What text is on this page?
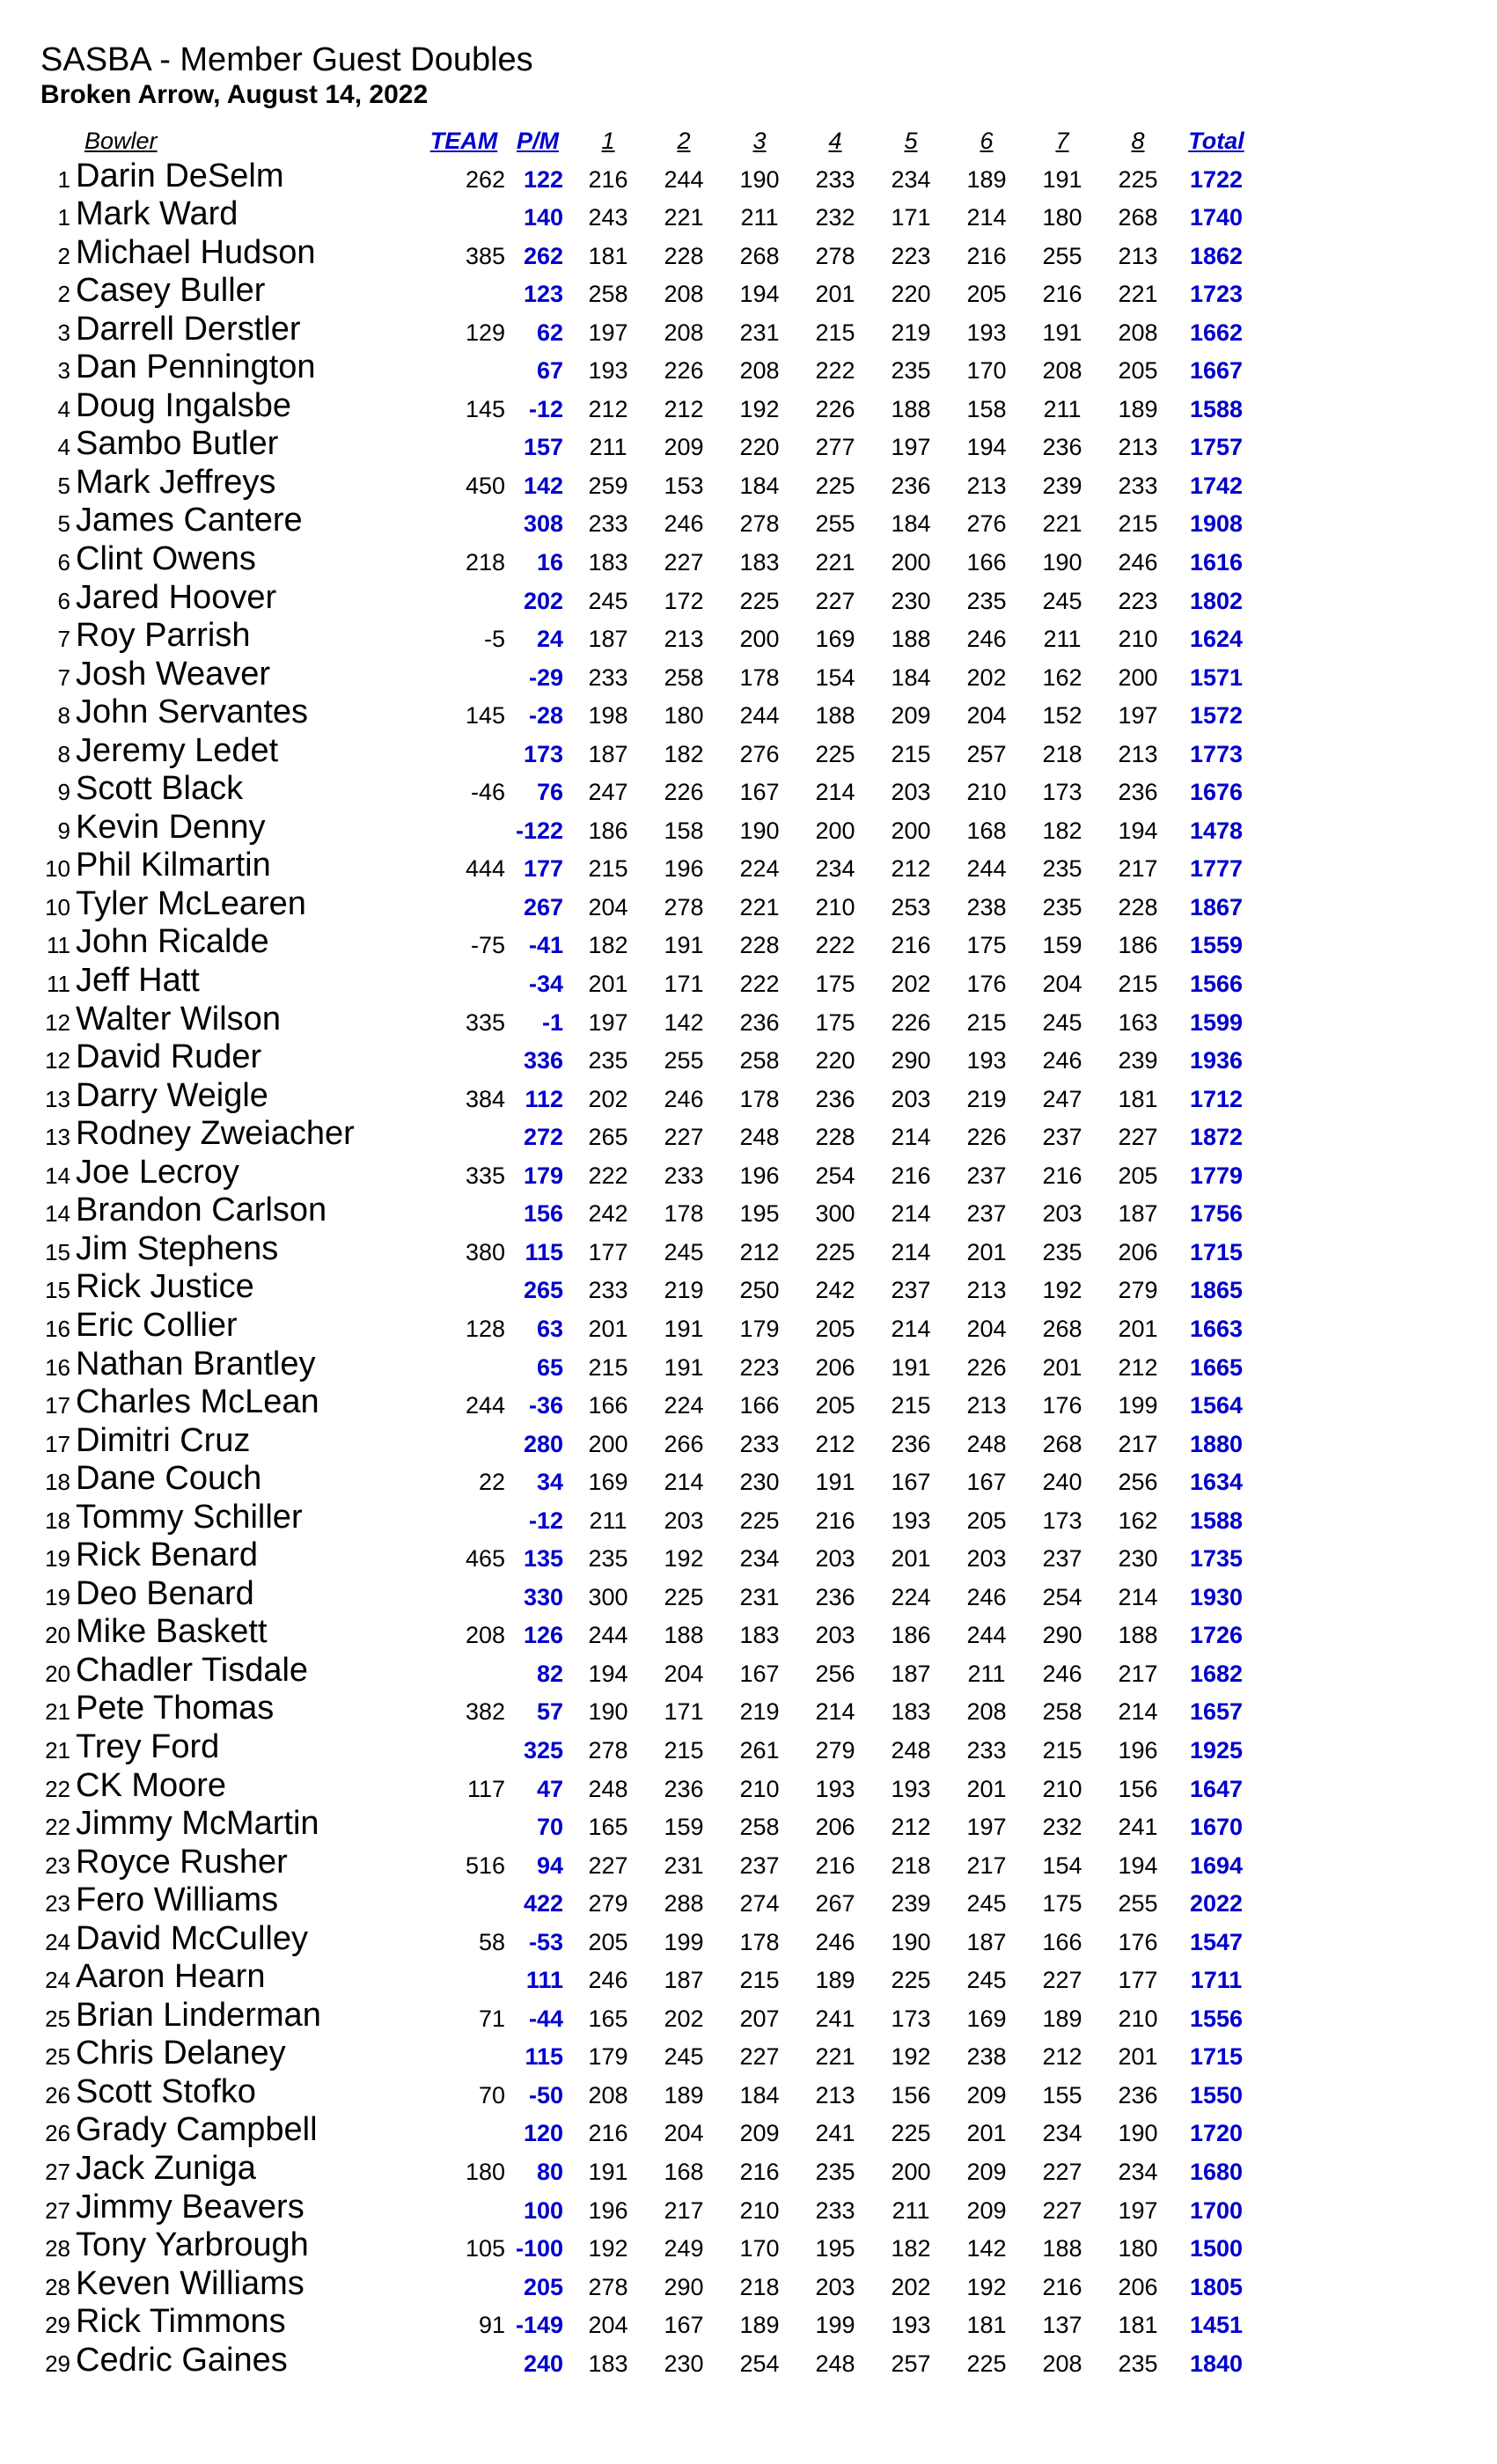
SASBA - Member Guest Doubles
Broken Arrow, August 14, 2022
Bowler		TEAM	P/M	1	2	3	4	5	6	7	8	Total
1	Darin DeSelm	262	122	216	244	190	233	234	189	191	225	1722
1	Mark Ward		140	243	221	211	232	171	214	180	268	1740
2	Michael Hudson	385	262	181	228	268	278	223	216	255	213	1862
2	Casey Buller		123	258	208	194	201	220	205	216	221	1723
3	Darrell Derstler	129	62	197	208	231	215	219	193	191	208	1662
3	Dan Pennington		67	193	226	208	222	235	170	208	205	1667
4	Doug Ingalsbe	145	-12	212	212	192	226	188	158	211	189	1588
4	Sambo Butler		157	211	209	220	277	197	194	236	213	1757
5	Mark Jeffreys	450	142	259	153	184	225	236	213	239	233	1742
5	James Cantere		308	233	246	278	255	184	276	221	215	1908
6	Clint Owens	218	16	183	227	183	221	200	166	190	246	1616
6	Jared Hoover		202	245	172	225	227	230	235	245	223	1802
7	Roy Parrish	-5	24	187	213	200	169	188	246	211	210	1624
7	Josh Weaver		-29	233	258	178	154	184	202	162	200	1571
8	John Servantes	145	-28	198	180	244	188	209	204	152	197	1572
8	Jeremy Ledet		173	187	182	276	225	215	257	218	213	1773
9	Scott Black	-46	76	247	226	167	214	203	210	173	236	1676
9	Kevin Denny		-122	186	158	190	200	200	168	182	194	1478
10	Phil Kilmartin	444	177	215	196	224	234	212	244	235	217	1777
10	Tyler McLearen		267	204	278	221	210	253	238	235	228	1867
11	John Ricalde	-75	-41	182	191	228	222	216	175	159	186	1559
11	Jeff Hatt		-34	201	171	222	175	202	176	204	215	1566
12	Walter Wilson	335	-1	197	142	236	175	226	215	245	163	1599
12	David Ruder		336	235	255	258	220	290	193	246	239	1936
13	Darry Weigle	384	112	202	246	178	236	203	219	247	181	1712
13	Rodney Zweiacher		272	265	227	248	228	214	226	237	227	1872
14	Joe Lecroy	335	179	222	233	196	254	216	237	216	205	1779
14	Brandon Carlson		156	242	178	195	300	214	237	203	187	1756
15	Jim Stephens	380	115	177	245	212	225	214	201	235	206	1715
15	Rick Justice		265	233	219	250	242	237	213	192	279	1865
16	Eric Collier	128	63	201	191	179	205	214	204	268	201	1663
16	Nathan Brantley		65	215	191	223	206	191	226	201	212	1665
17	Charles McLean	244	-36	166	224	166	205	215	213	176	199	1564
17	Dimitri Cruz		280	200	266	233	212	236	248	268	217	1880
18	Dane Couch	22	34	169	214	230	191	167	167	240	256	1634
18	Tommy Schiller		-12	211	203	225	216	193	205	173	162	1588
19	Rick Benard	465	135	235	192	234	203	201	203	237	230	1735
19	Deo Benard		330	300	225	231	236	224	246	254	214	1930
20	Mike Baskett	208	126	244	188	183	203	186	244	290	188	1726
20	Chadler Tisdale		82	194	204	167	256	187	211	246	217	1682
21	Pete Thomas	382	57	190	171	219	214	183	208	258	214	1657
21	Trey Ford		325	278	215	261	279	248	233	215	196	1925
22	CK Moore	117	47	248	236	210	193	193	201	210	156	1647
22	Jimmy McMartin		70	165	159	258	206	212	197	232	241	1670
23	Royce Rusher	516	94	227	231	237	216	218	217	154	194	1694
23	Fero Williams		422	279	288	274	267	239	245	175	255	2022
24	David McCulley	58	-53	205	199	178	246	190	187	166	176	1547
24	Aaron Hearn		111	246	187	215	189	225	245	227	177	1711
25	Brian Linderman	71	-44	165	202	207	241	173	169	189	210	1556
25	Chris Delaney		115	179	245	227	221	192	238	212	201	1715
26	Scott Stofko	70	-50	208	189	184	213	156	209	155	236	1550
26	Grady Campbell		120	216	204	209	241	225	201	234	190	1720
27	Jack Zuniga	180	80	191	168	216	235	200	209	227	234	1680
27	Jimmy Beavers		100	196	217	210	233	211	209	227	197	1700
28	Tony Yarbrough	105	-100	192	249	170	195	182	142	188	180	1500
28	Keven Williams		205	278	290	218	203	202	192	216	206	1805
29	Rick Timmons	91	-149	204	167	189	199	193	181	137	181	1451
29	Cedric Gaines		240	183	230	254	248	257	225	208	235	1840
